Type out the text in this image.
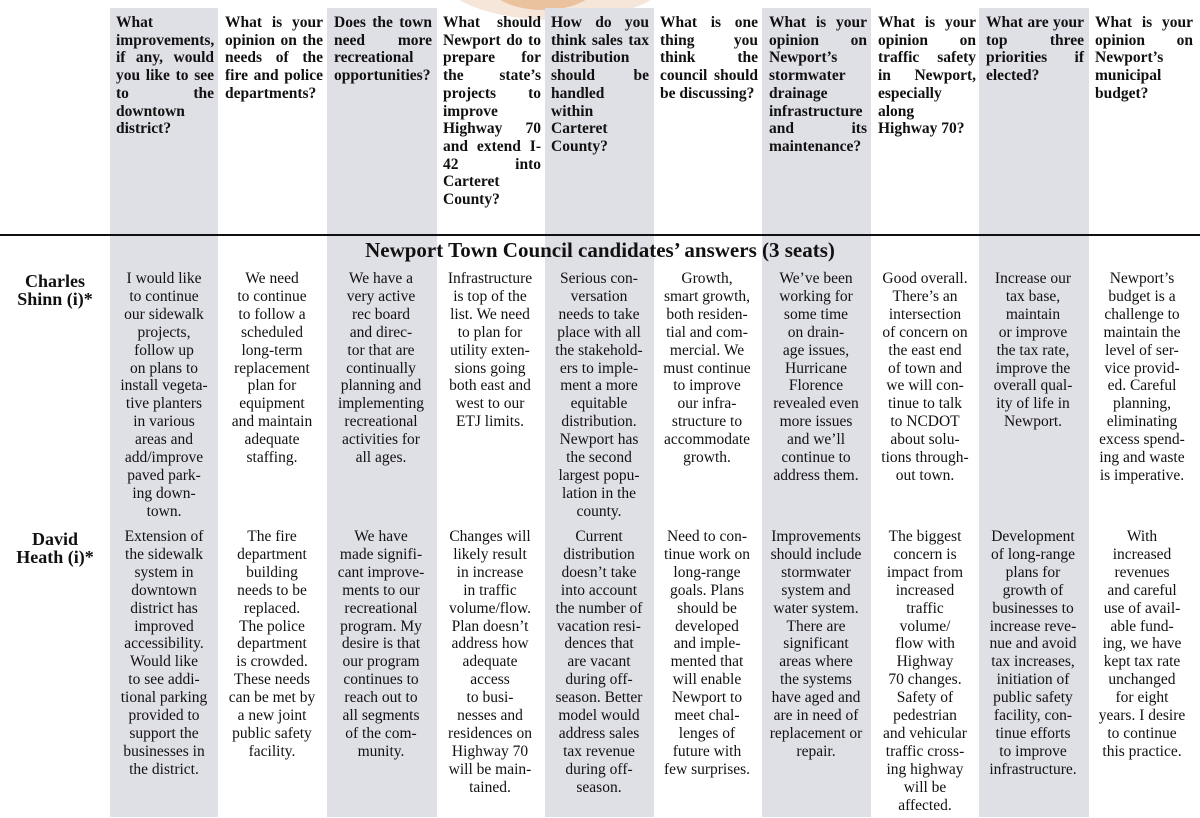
What improvements, if any, would you like to see to the downtown district?
What is your opinion on the needs of the fire and police departments?
Does the town need more recreational opportunities?
What should Newport do to prepare for the state’s projects to improve Highway 70 and extend I-42 into Carteret County?
How do you think sales tax distribution should be handled within Carteret County?
What is one thing you think the council should be discussing?
What is your opinion on Newport’s stormwater drainage infrastructure and its maintenance?
What is your opinion on traffic safety in Newport, especially along Highway 70?
What are your top three priorities if elected?
What is your opinion on Newport’s municipal budget?
Newport Town Council candidates’ answers (3 seats)
Charles
Shinn (i)*
I would like
to continue
our sidewalk
projects,
follow up
on plans to
install vegeta-
tive planters
in various
areas and
add/improve
paved park-
ing down-
town.
We need
to continue
to follow a
scheduled
long-term
replacement
plan for
equipment
and maintain
adequate
staffing.
We have a
very active
rec board
and direc-
tor that are
continually
planning and
implementing
recreational
activities for
all ages.
Infrastructure
is top of the
list. We need
to plan for
utility exten-
sions going
both east and
west to our
ETJ limits.
Serious con-
versation
needs to take
place with all
the stakehold-
ers to imple-
ment a more
equitable
distribution.
Newport has
the second
largest popu-
lation in the
county.
Growth,
smart growth,
both residen-
tial and com-
mercial. We
must continue
to improve
our infra-
structure to
accommodate
growth.
We’ve been
working for
some time
on drain-
age issues,
Hurricane
Florence
revealed even
more issues
and we’ll
continue to
address them.
Good overall.
There’s an
intersection
of concern on
the east end
of town and
we will con-
tinue to talk
to NCDOT
about solu-
tions through-
out town.
Increase our
tax base,
maintain
or improve
the tax rate,
improve the
overall qual-
ity of life in
Newport.
Newport’s
budget is a
challenge to
maintain the
level of ser-
vice provid-
ed. Careful
planning,
eliminating
excess spend-
ing and waste
is imperative.
David
Heath (i)*
Extension of
the sidewalk
system in
downtown
district has
improved
accessibility.
Would like
to see addi-
tional parking
provided to
support the
businesses in
the district.
The fire
department
building
needs to be
replaced.
The police
department
is crowded.
These needs
can be met by
a new joint
public safety
facility.
We have
made signifi-
cant improve-
ments to our
recreational
program. My
desire is that
our program
continues to
reach out to
all segments
of the com-
munity.
Changes will
likely result
in increase
in traffic
volume/flow.
Plan doesn’t
address how
adequate
access
to busi-
nesses and
residences on
Highway 70
will be main-
tained.
Current
distribution
doesn’t take
into account
the number of
vacation resi-
dences that
are vacant
during off-
season. Better
model would
address sales
tax revenue
during off-
season.
Need to con-
tinue work on
long-range
goals. Plans
should be
developed
and imple-
mented that
will enable
Newport to
meet chal-
lenges of
future with
few surprises.
Improvements
should include
stormwater
system and
water system.
There are
significant
areas where
the systems
have aged and
are in need of
replacement or
repair.
The biggest
concern is
impact from
increased
traffic
volume/
flow with
Highway
70 changes.
Safety of
pedestrian
and vehicular
traffic cross-
ing highway
will be
affected.
Development
of long-range
plans for
growth of
businesses to
increase reve-
nue and avoid
tax increases,
initiation of
public safety
facility, con-
tinue efforts
to improve
infrastructure.
With
increased
revenues
and careful
use of avail-
able fund-
ing, we have
kept tax rate
unchanged
for eight
years. I desire
to continue
this practice.
